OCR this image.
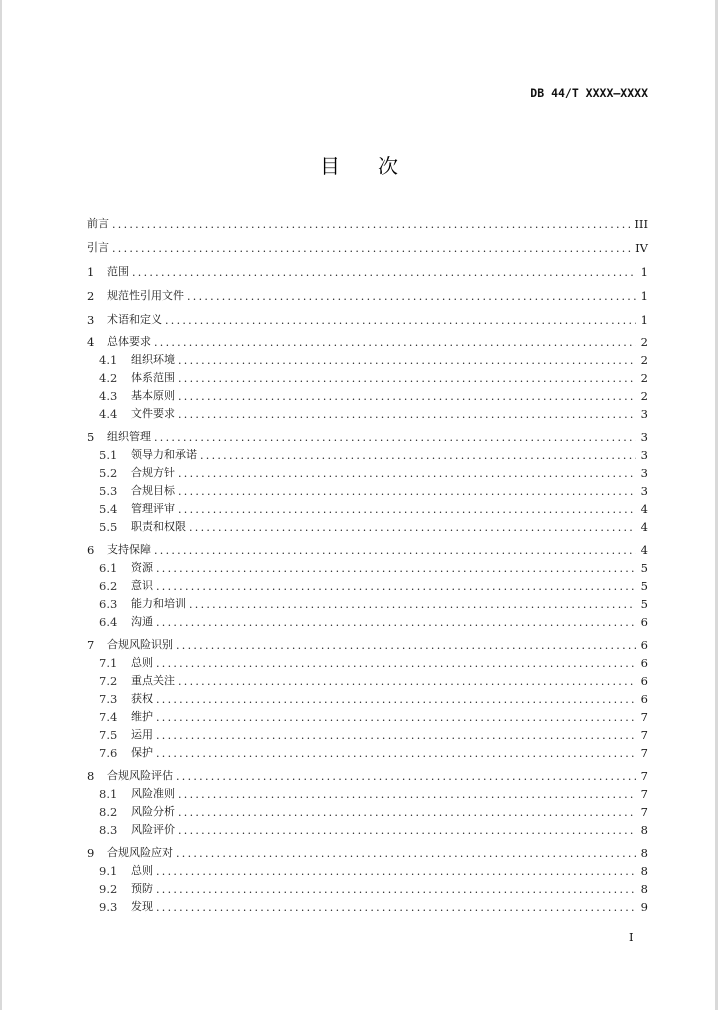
DB 44/T XXXX—XXXX
目 次
前言 . . .	III
引言 . . .	IV
1	范围 . . .	1
2	规范性引用文件 . . .	1
3	术语和定义 . . .	1
4	总体要求 . . .	2
4.1	组织环境 . . .	2
4.2	体系范围 . . .	2
4.3	基本原则 . . .	2
4.4	文件要求 . . .	3
5	组织管理 . . .	3
5.1	领导力和承诺 . . .	3
5.2	合规方针 . . .	3
5.3	合规目标 . . .	3
5.4	管理评审 . . .	4
5.5	职责和权限 . . .	4
6	支持保障 . . .	4
6.1	资源 . . .	5
6.2	意识 . . .	5
6.3	能力和培训 . . .	5
6.4	沟通 . . .	6
7	合规风险识别 . . .	6
7.1	总则 . . .	6
7.2	重点关注 . . .	6
7.3	获权 . . .	6
7.4	维护 . . .	7
7.5	运用 . . .	7
7.6	保护 . . .	7
8	合规风险评估 . . .	7
8.1	风险准则 . . .	7
8.2	风险分析 . . .	7
8.3	风险评价 . . .	8
9	合规风险应对 . . .	8
9.1	总则 . . .	8
9.2	预防 . . .	8
9.3	发现 . . .	9
I
